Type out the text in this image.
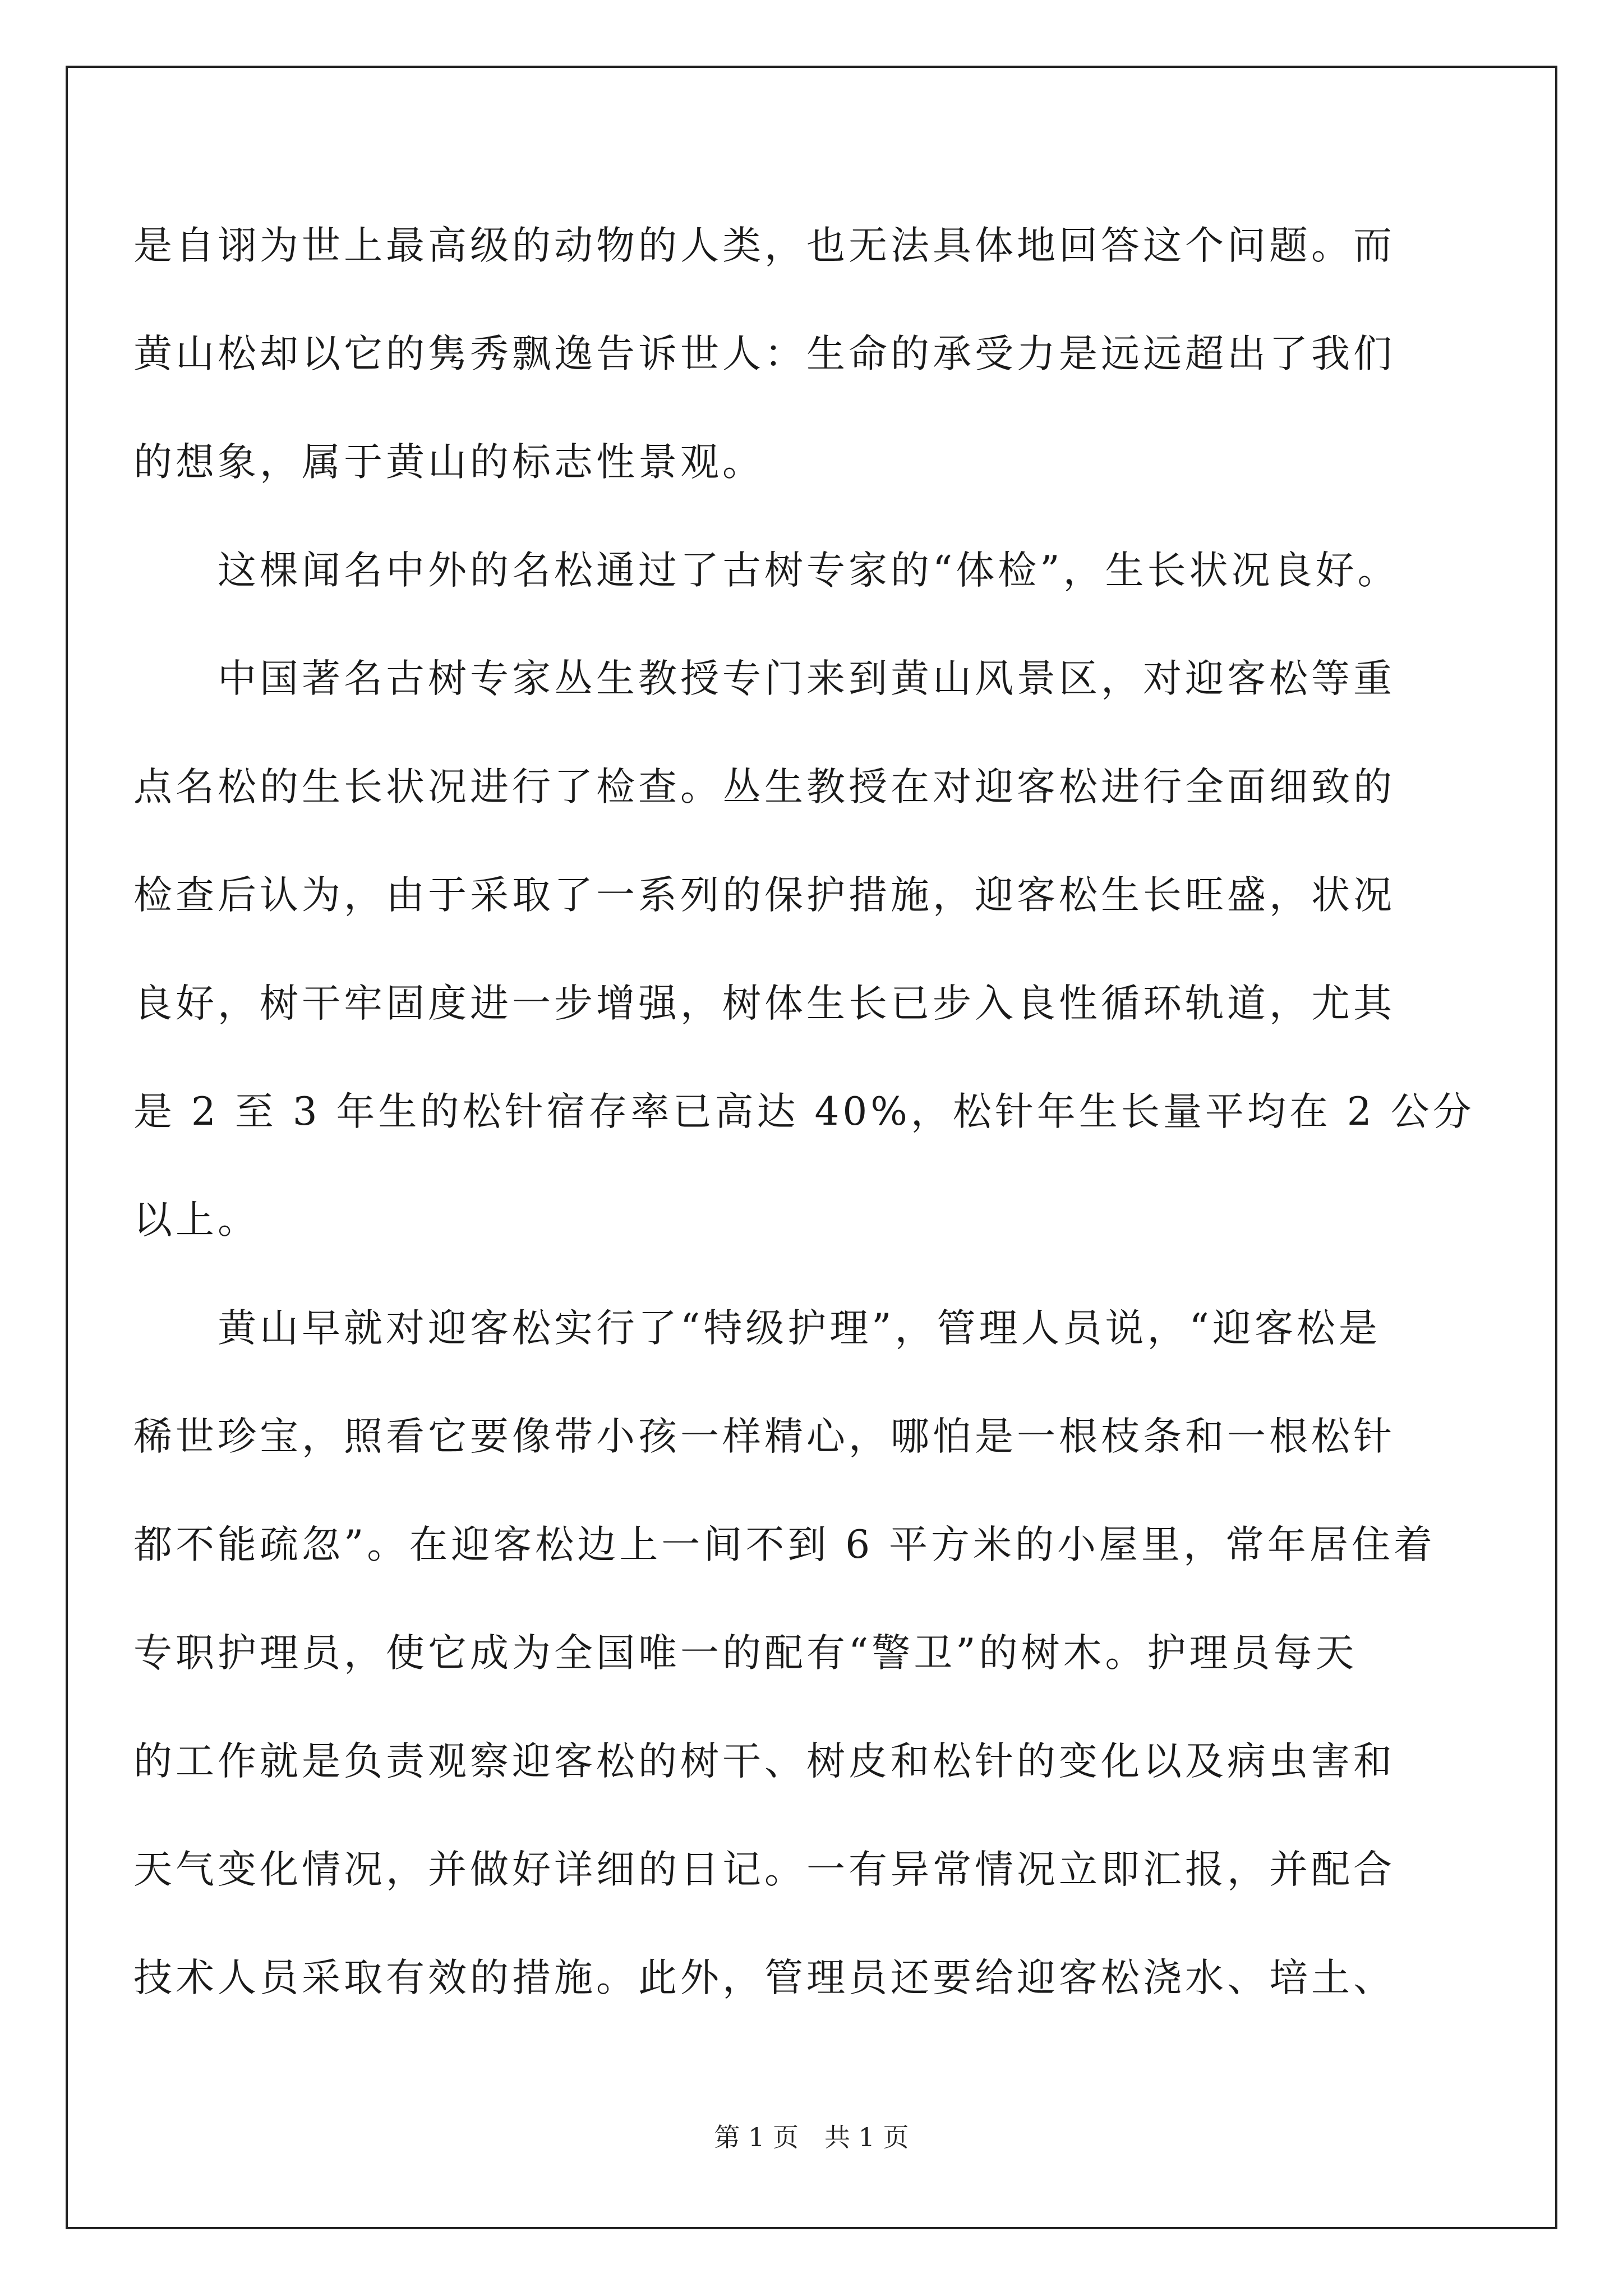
是自诩为世上最高级的动物的人类，也无法具体地回答这个问题。而
黄山松却以它的隽秀飘逸告诉世人：生命的承受力是远远超出了我们
的想象，属于黄山的标志性景观。
　　这棵闻名中外的名松通过了古树专家的“体检”，生长状况良好。
　　中国著名古树专家丛生教授专门来到黄山风景区，对迎客松等重
点名松的生长状况进行了检查。丛生教授在对迎客松进行全面细致的
检查后认为，由于采取了一系列的保护措施，迎客松生长旺盛，状况
良好，树干牢固度进一步增强，树体生长已步入良性循环轨道，尤其
是 2 至 3 年生的松针宿存率已高达 40%，松针年生长量平均在 2 公分
以上。
　　黄山早就对迎客松实行了“特级护理”，管理人员说，“迎客松是
稀世珍宝，照看它要像带小孩一样精心，哪怕是一根枝条和一根松针
都不能疏忽”。在迎客松边上一间不到 6 平方米的小屋里，常年居住着
专职护理员，使它成为全国唯一的配有“警卫”的树木。护理员每天
的工作就是负责观察迎客松的树干、树皮和松针的变化以及病虫害和
天气变化情况，并做好详细的日记。一有异常情况立即汇报，并配合
技术人员采取有效的措施。此外，管理员还要给迎客松浇水、培土、
第 1 页　共 1 页
